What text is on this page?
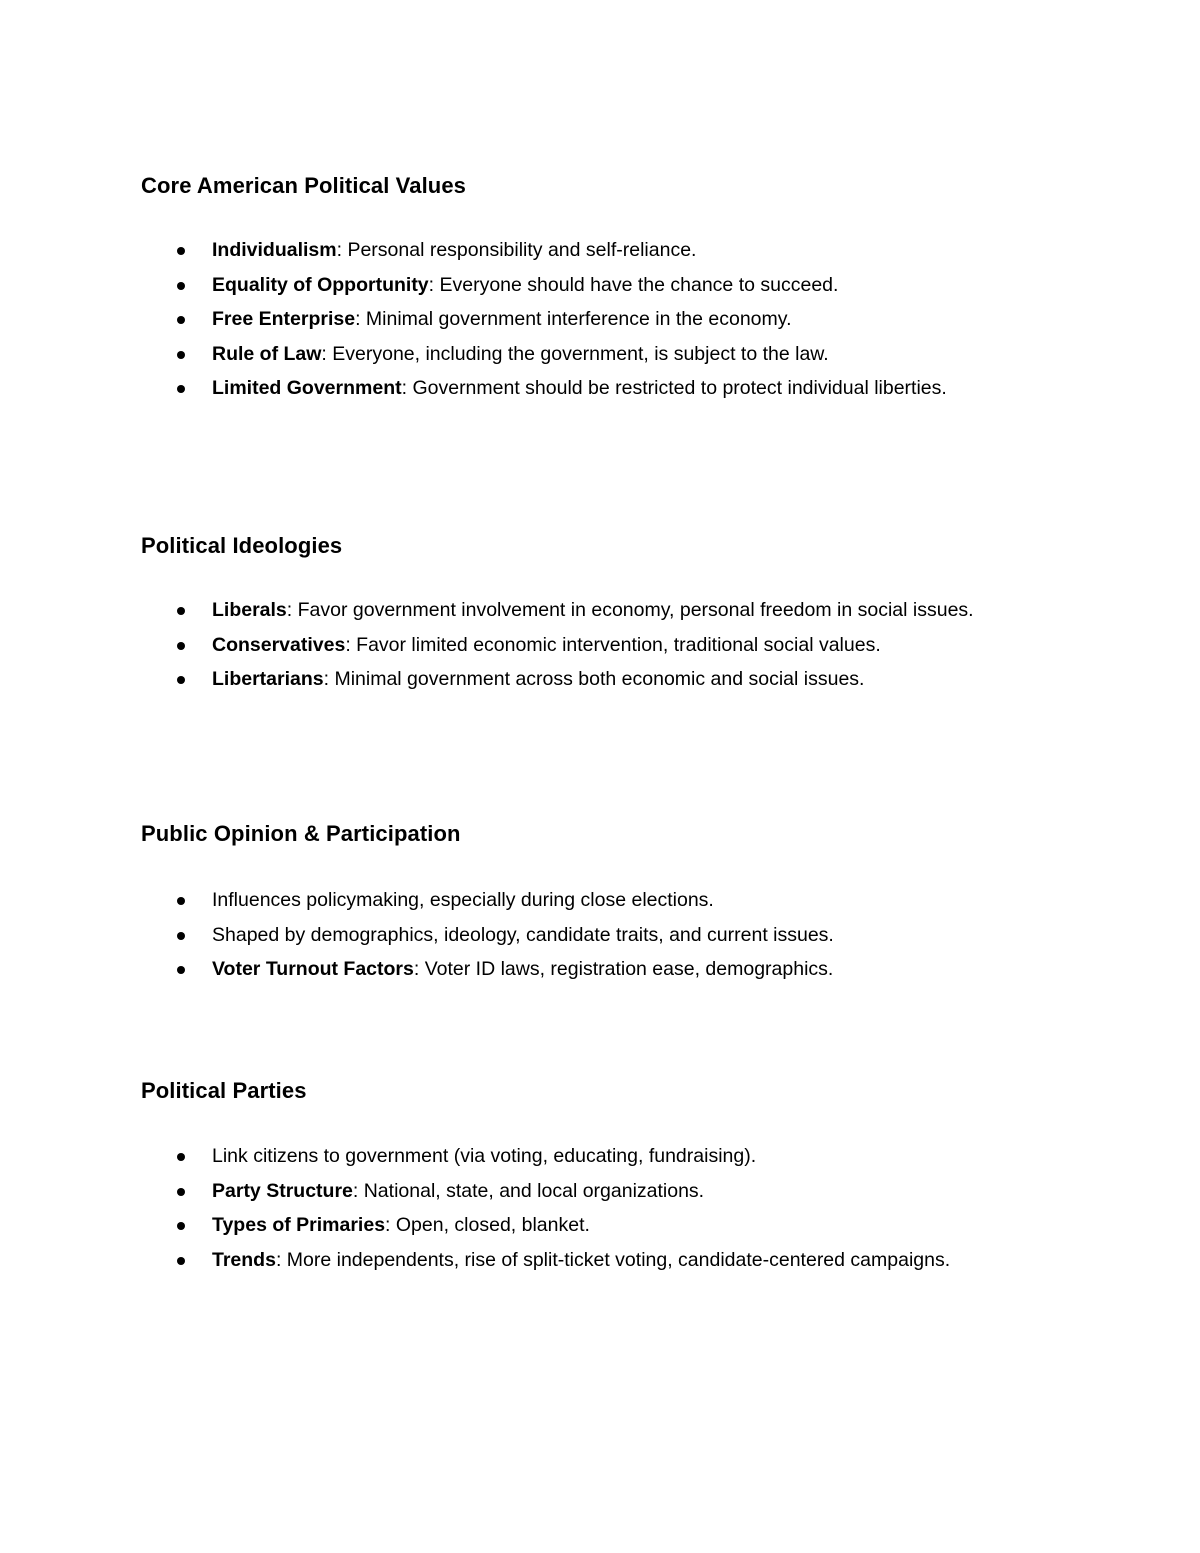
Core American Political Values
Individualism: Personal responsibility and self-reliance.
Equality of Opportunity: Everyone should have the chance to succeed.
Free Enterprise: Minimal government interference in the economy.
Rule of Law: Everyone, including the government, is subject to the law.
Limited Government: Government should be restricted to protect individual liberties.
Political Ideologies
Liberals: Favor government involvement in economy, personal freedom in social issues.
Conservatives: Favor limited economic intervention, traditional social values.
Libertarians: Minimal government across both economic and social issues.
Public Opinion & Participation
Influences policymaking, especially during close elections.
Shaped by demographics, ideology, candidate traits, and current issues.
Voter Turnout Factors: Voter ID laws, registration ease, demographics.
Political Parties
Link citizens to government (via voting, educating, fundraising).
Party Structure: National, state, and local organizations.
Types of Primaries: Open, closed, blanket.
Trends: More independents, rise of split-ticket voting, candidate-centered campaigns.
